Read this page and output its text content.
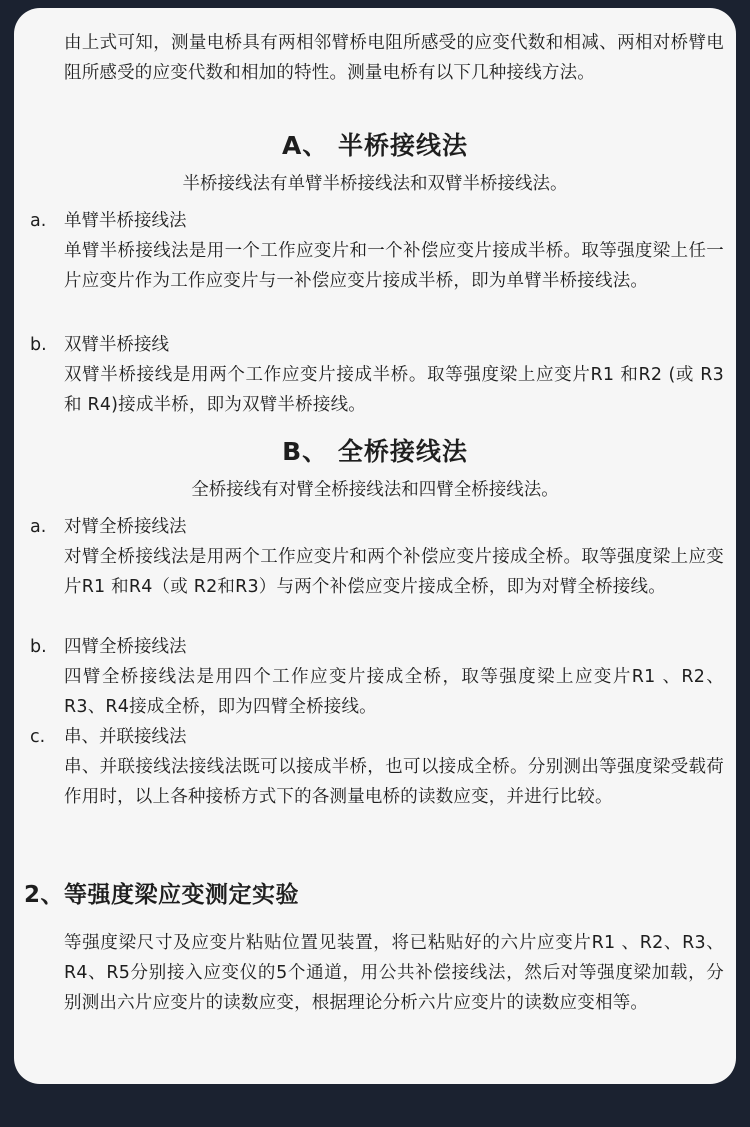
由上式可知，测量电桥具有两相邻臂桥电阻所感受的应变代数和相减、两相对桥臂电阻所感受的应变代数和相加的特性。测量电桥有以下几种接线方法。

A、 半桥接线法
半桥接线法有单臂半桥接线法和双臂半桥接线法。
a.	单臂半桥接线法

单臂半桥接线法是用一个工作应变片和一个补偿应变片接成半桥。取等强度梁上任一片应变片作为工作应变片与一补偿应变片接成半桥，即为单臂半桥接线法。

b. 双臂半桥接线

双臂半桥接线是用两个工作应变片接成半桥。取等强度梁上应变片R1 和R2 (或 R3 和 R4)接成半桥，即为双臂半桥接线。

B、 全桥接线法
全桥接线有对臂全桥接线法和四臂全桥接线法。
a.	对臂全桥接线法

对臂全桥接线法是用两个工作应变片和两个补偿应变片接成全桥。取等强度梁上应变片R1 和R4（或 R2和R3）与两个补偿应变片接成全桥，即为对臂全桥接线。

b. 四臂全桥接线法

四臂全桥接线法是用四个工作应变片接成全桥，取等强度梁上应变片R1 、R2、R3、R4接成全桥，即为四臂全桥接线。

c.	串、并联接线法

串、并联接线法接线法既可以接成半桥，也可以接成全桥。分别测出等强度梁受载荷作用时，以上各种接桥方式下的各测量电桥的读数应变，并进行比较。

2、等强度梁应变测定实验

等强度梁尺寸及应变片粘贴位置见装置，将已粘贴好的六片应变片R1 、R2、R3、R4、R5分别接入应变仪的5个通道，用公共补偿接线法，然后对等强度梁加载，分别测出六片应变片的读数应变，根据理论分析六片应变片的读数应变相等。
